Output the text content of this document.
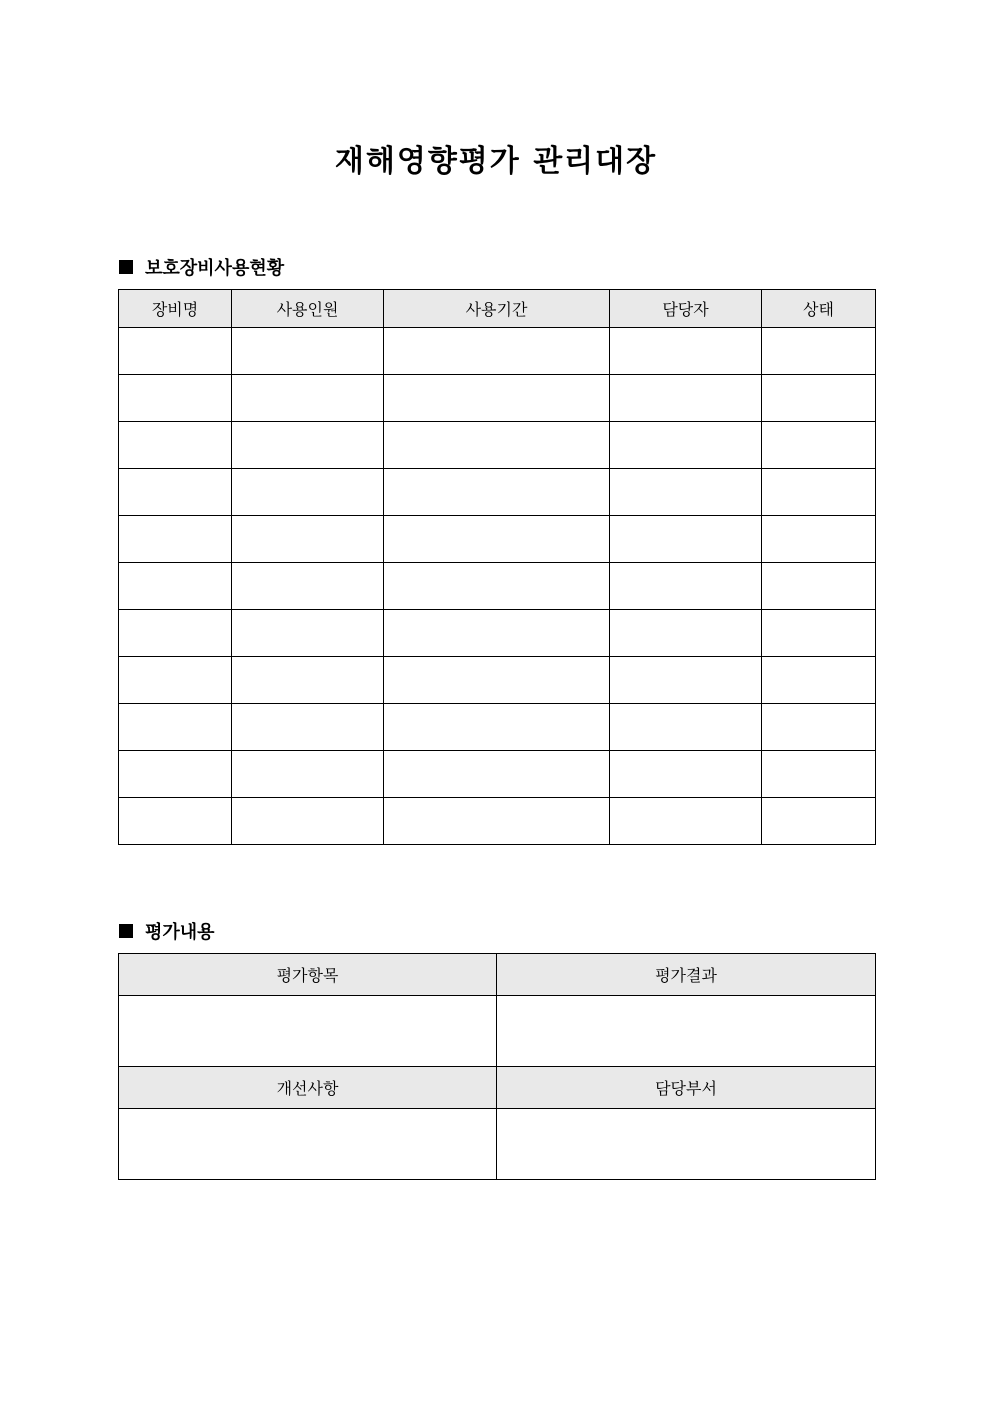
재해영향평가 관리대장
보호장비사용현황
장비명	사용인원	사용기간	담당자	상태

평가내용
평가항목	평가결과

개선사항	담당부서
